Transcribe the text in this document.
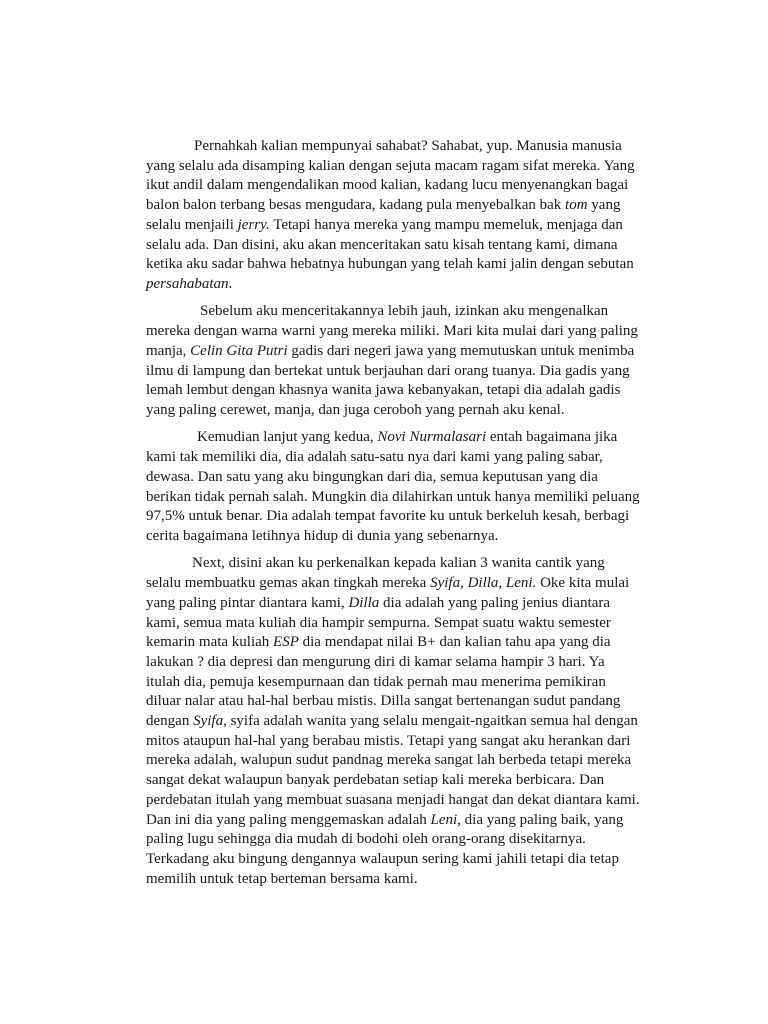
Pernahkah kalian mempunyai sahabat? Sahabat, yup. Manusia manusia
yang selalu ada disamping kalian dengan sejuta macam ragam sifat mereka. Yang
ikut andil dalam mengendalikan mood kalian, kadang lucu menyenangkan bagai
balon balon terbang besas mengudara, kadang pula menyebalkan bak tom yang
selalu menjaili jerry. Tetapi hanya mereka yang mampu memeluk, menjaga dan
selalu ada. Dan disini, aku akan menceritakan satu kisah tentang kami, dimana
ketika aku sadar bahwa hebatnya hubungan yang telah kami jalin dengan sebutan
persahabatan.
Sebelum aku menceritakannya lebih jauh, izinkan aku mengenalkan
mereka dengan warna warni yang mereka miliki. Mari kita mulai dari yang paling
manja, Celin Gita Putri gadis dari negeri jawa yang memutuskan untuk menimba
ilmu di lampung dan bertekat untuk berjauhan dari orang tuanya. Dia gadis yang
lemah lembut dengan khasnya wanita jawa kebanyakan, tetapi dia adalah gadis
yang paling cerewet, manja, dan juga ceroboh yang pernah aku kenal.
Kemudian lanjut yang kedua, Novi Nurmalasari entah bagaimana jika
kami tak memiliki dia, dia adalah satu-satu nya dari kami yang paling sabar,
dewasa. Dan satu yang aku bingungkan dari dia, semua keputusan yang dia
berikan tidak pernah salah. Mungkin dia dilahirkan untuk hanya memiliki peluang
97,5% untuk benar. Dia adalah tempat favorite ku untuk berkeluh kesah, berbagi
cerita bagaimana letihnya hidup di dunia yang sebenarnya.
Next, disini akan ku perkenalkan kepada kalian 3 wanita cantik yang
selalu membuatku gemas akan tingkah mereka Syifa, Dilla, Leni. Oke kita mulai
yang paling pintar diantara kami, Dilla dia adalah yang paling jenius diantara
kami, semua mata kuliah dia hampir sempurna. Sempat suatu waktu semester
kemarin mata kuliah ESP dia mendapat nilai B+ dan kalian tahu apa yang dia
lakukan ? dia depresi dan mengurung diri di kamar selama hampir 3 hari. Ya
itulah dia, pemuja kesempurnaan dan tidak pernah mau menerima pemikiran
diluar nalar atau hal-hal berbau mistis. Dilla sangat bertenangan sudut pandang
dengan Syifa, syifa adalah wanita yang selalu mengait-ngaitkan semua hal dengan
mitos ataupun hal-hal yang berabau mistis. Tetapi yang sangat aku herankan dari
mereka adalah, walupun sudut pandnag mereka sangat lah berbeda tetapi mereka
sangat dekat walaupun banyak perdebatan setiap kali mereka berbicara. Dan
perdebatan itulah yang membuat suasana menjadi hangat dan dekat diantara kami.
Dan ini dia yang paling menggemaskan adalah Leni, dia yang paling baik, yang
paling lugu sehingga dia mudah di bodohi oleh orang-orang disekitarnya.
Terkadang aku bingung dengannya walaupun sering kami jahili tetapi dia tetap
memilih untuk tetap berteman bersama kami.
